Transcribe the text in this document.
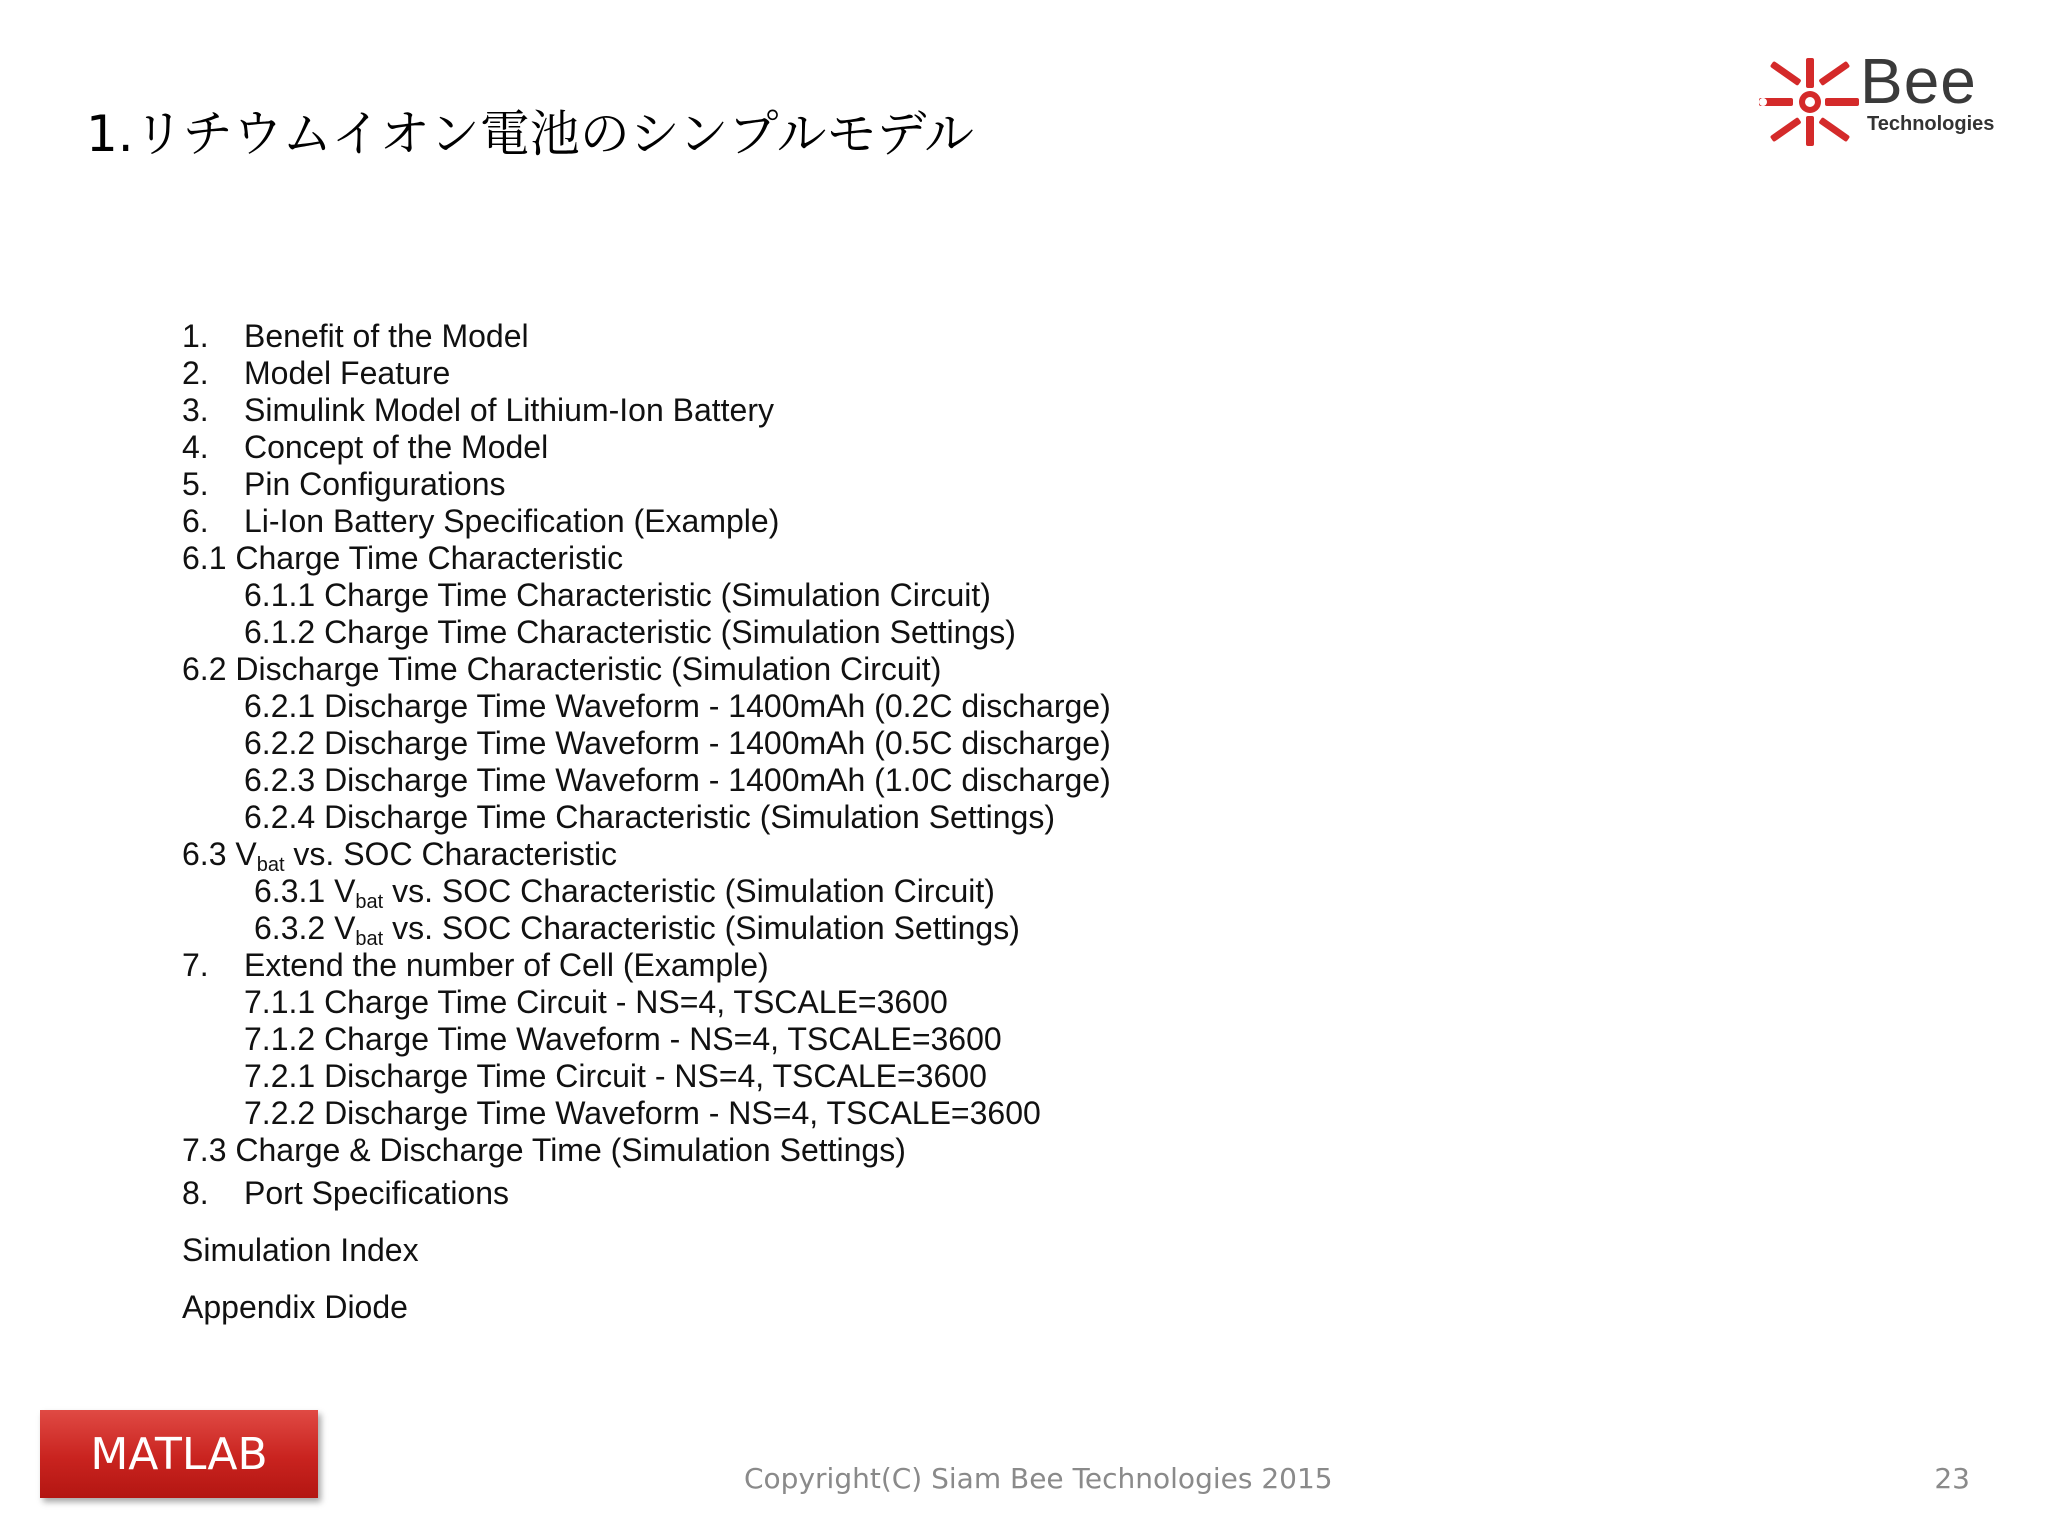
1.リチウムイオン電池のシンプルモデル
Bee
Technologies
1. Benefit of the Model
2. Model Feature
3. Simulink Model of Lithium-Ion Battery
4. Concept of the Model
5. Pin Configurations
6. Li-Ion Battery Specification (Example)
6.1 Charge Time Characteristic
6.1.1 Charge Time Characteristic (Simulation Circuit)
6.1.2 Charge Time Characteristic (Simulation Settings)
6.2 Discharge Time Characteristic (Simulation Circuit)
6.2.1 Discharge Time Waveform - 1400mAh (0.2C discharge)
6.2.2 Discharge Time Waveform - 1400mAh (0.5C discharge)
6.2.3 Discharge Time Waveform - 1400mAh (1.0C discharge)
6.2.4 Discharge Time Characteristic (Simulation Settings)
6.3 $V_{bat}$ vs. SOC Characteristic
6.3.1 $V_{bat}$ vs. SOC Characteristic (Simulation Circuit)
6.3.2 $V_{bat}$ vs. SOC Characteristic (Simulation Settings)
7. Extend the number of Cell (Example)
7.1.1 Charge Time Circuit - NS=4, TSCALE=3600
7.1.2 Charge Time Waveform - NS=4, TSCALE=3600
7.2.1 Discharge Time Circuit - NS=4, TSCALE=3600
7.2.2 Discharge Time Waveform - NS=4, TSCALE=3600
7.3 Charge & Discharge Time (Simulation Settings)
8. Port Specifications
Simulation Index
Appendix Diode
MATLAB	Copyright(C) Siam Bee Technologies 2015	23
